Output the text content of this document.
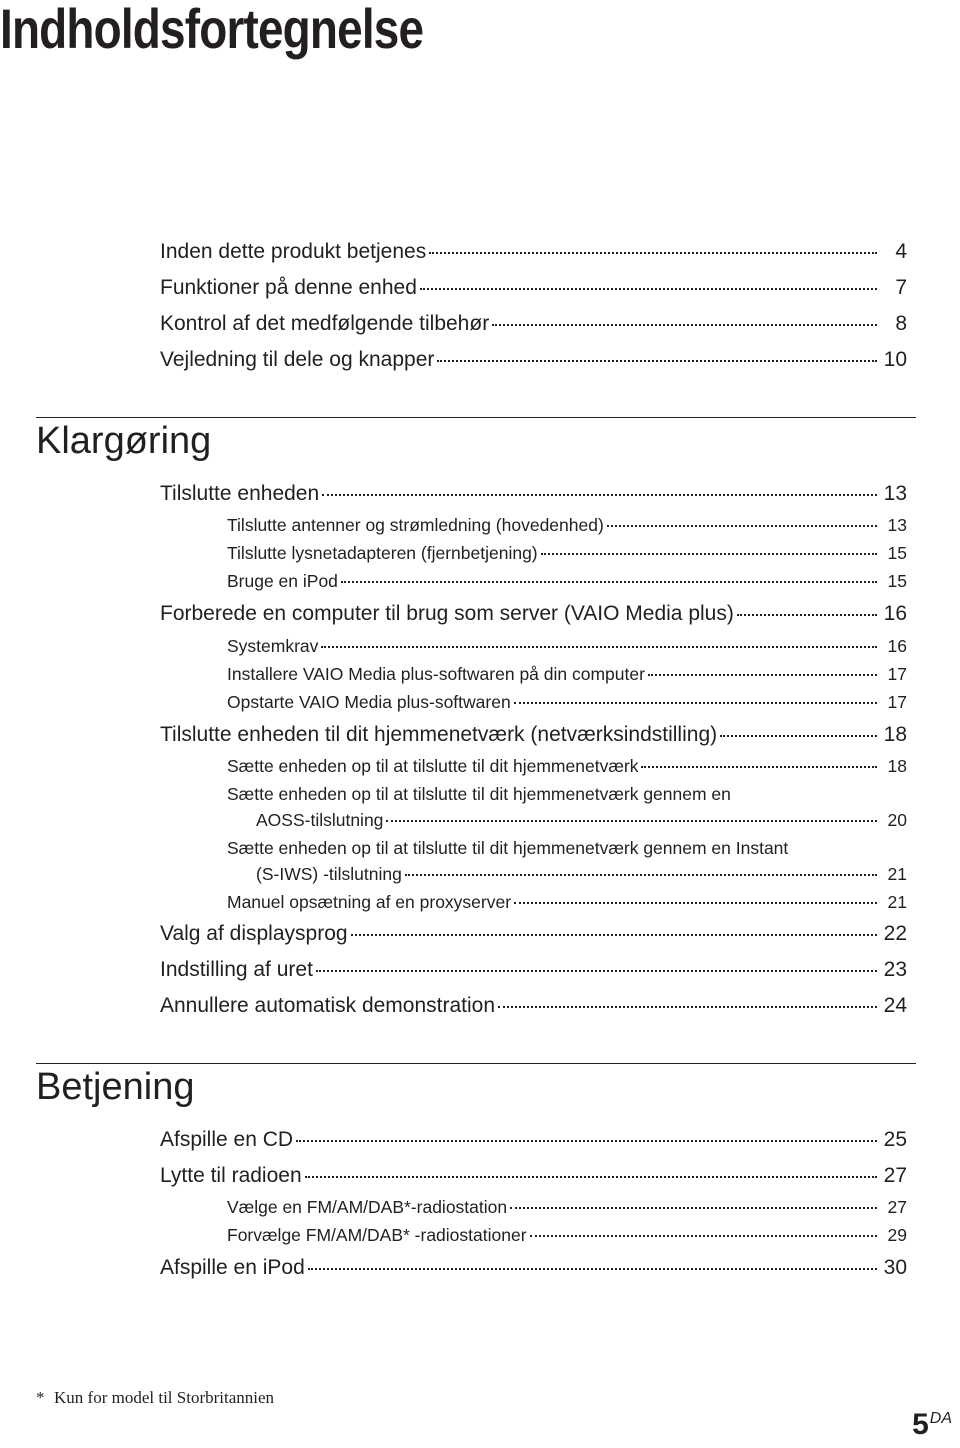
Indholdsfortegnelse
Inden dette produkt betjenes	4
Funktioner på denne enhed	7
Kontrol af det medfølgende tilbehør	8
Vejledning til dele og knapper	10
Klargøring
Tilslutte enheden	13
Tilslutte antenner og strømledning (hovedenhed)	13
Tilslutte lysnetadapteren (fjernbetjening)	15
Bruge en iPod	15
Forberede en computer til brug som server (VAIO Media plus)	16
Systemkrav	16
Installere VAIO Media plus-softwaren på din computer	17
Opstarte VAIO Media plus-softwaren	17
Tilslutte enheden til dit hjemmenetværk (netværksindstilling)	18
Sætte enheden op til at tilslutte til dit hjemmenetværk	18
Sætte enheden op til at tilslutte til dit hjemmenetværk gennem en
AOSS-tilslutning	20
Sætte enheden op til at tilslutte til dit hjemmenetværk gennem en Instant
(S-IWS) -tilslutning	21
Manuel opsætning af en proxyserver	21
Valg af displaysprog	22
Indstilling af uret	23
Annullere automatisk demonstration	24
Betjening
Afspille en CD	25
Lytte til radioen	27
Vælge en FM/AM/DAB*-radiostation	27
Forvælge FM/AM/DAB* -radiostationer	29
Afspille en iPod	30
* Kun for model til Storbritannien
$5^{DA}$
